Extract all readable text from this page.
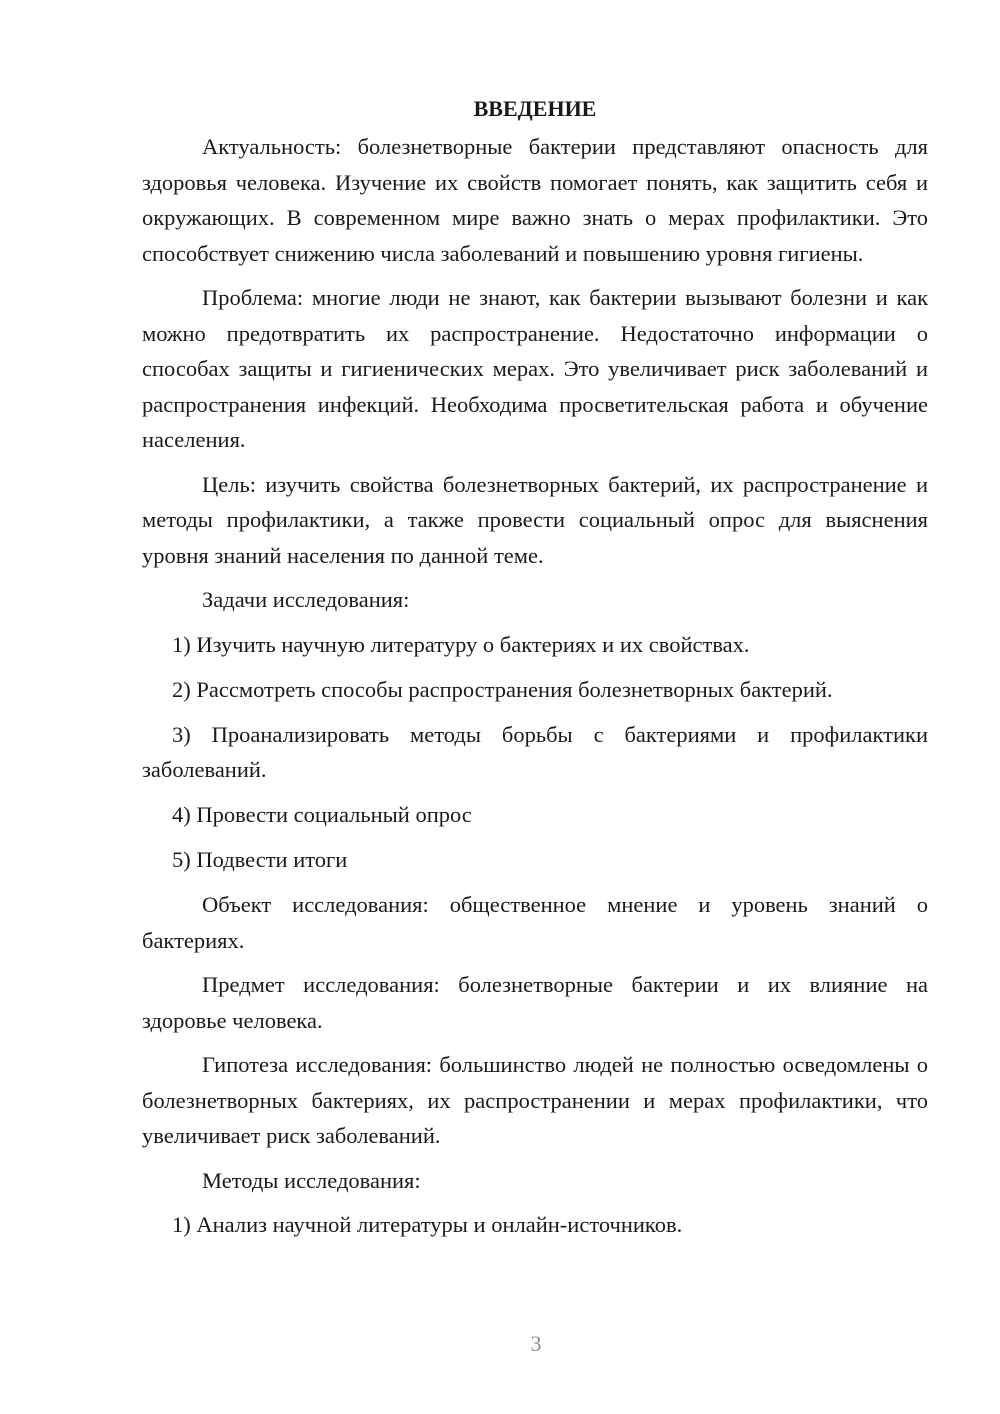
ВВЕДЕНИЕ

Актуальность: болезнетворные бактерии представляют опасность для здоровья человека. Изучение их свойств помогает понять, как защитить себя и окружающих. В современном мире важно знать о мерах профилактики. Это способствует снижению числа заболеваний и повышению уровня гигиены.

Проблема: многие люди не знают, как бактерии вызывают болезни и как можно предотвратить их распространение. Недостаточно информации о способах защиты и гигиенических мерах. Это увеличивает риск заболеваний и распространения инфекций. Необходима просветительская работа и обучение населения.

Цель: изучить свойства болезнетворных бактерий, их распространение и методы профилактики, а также провести социальный опрос для выяснения уровня знаний населения по данной теме.

Задачи исследования:

1) Изучить научную литературу о бактериях и их свойствах.

2) Рассмотреть способы распространения болезнетворных бактерий.

3) Проанализировать методы борьбы с бактериями и профилактики заболеваний.

4) Провести социальный опрос

5) Подвести итоги

Объект исследования: общественное мнение и уровень знаний о бактериях.

Предмет исследования: болезнетворные бактерии и их влияние на здоровье человека.

Гипотеза исследования: большинство людей не полностью осведомлены о болезнетворных бактериях, их распространении и мерах профилактики, что увеличивает риск заболеваний.

Методы исследования:

1) Анализ научной литературы и онлайн-источников.

3
